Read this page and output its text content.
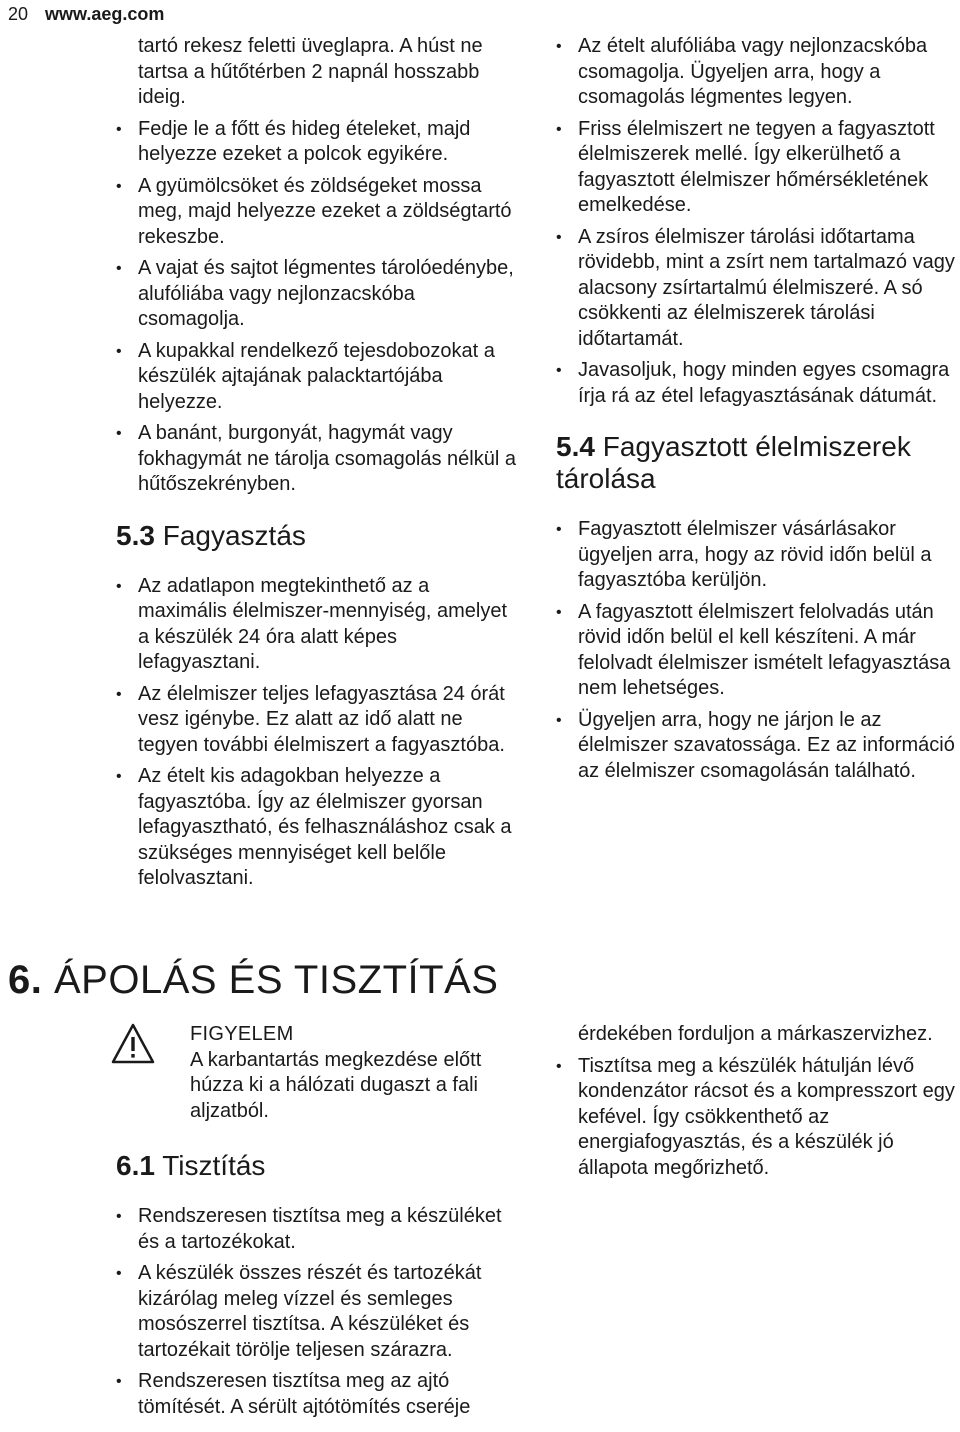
20 www.aeg.com

tartó rekesz feletti üveglapra. A húst ne tartsa a hűtőtérben 2 napnál hosszabb ideig.

• Fedje le a főtt és hideg ételeket, majd helyezze ezeket a polcok egyikére.
• A gyümölcsöket és zöldségeket mossa meg, majd helyezze ezeket a zöldségtartó rekeszbe.
• A vajat és sajtot légmentes tárolóedénybe, alufóliába vagy nejlonzacskóba csomagolja.
• A kupakkal rendelkező tejesdobozokat a készülék ajtajának palacktartójába helyezze.
• A banánt, burgonyát, hagymát vagy fokhagymát ne tárolja csomagolás nélkül a hűtőszekrényben.
5.3 Fagyasztás
• Az adatlapon megtekinthető az a maximális élelmiszer-mennyiség, amelyet a készülék 24 óra alatt képes lefagyasztani.
• Az élelmiszer teljes lefagyasztása 24 órát vesz igénybe. Ez alatt az idő alatt ne tegyen további élelmiszert a fagyasztóba.
• Az ételt kis adagokban helyezze a fagyasztóba. Így az élelmiszer gyorsan lefagyasztható, és felhasználáshoz csak a szükséges mennyiséget kell belőle felolvasztani.
• Az ételt alufóliába vagy nejlonzacskóba csomagolja. Ügyeljen arra, hogy a csomagolás légmentes legyen.
• Friss élelmiszert ne tegyen a fagyasztott élelmiszerek mellé. Így elkerülhető a fagyasztott élelmiszer hőmérsékletének emelkedése.
• A zsíros élelmiszer tárolási időtartama rövidebb, mint a zsírt nem tartalmazó vagy alacsony zsírtartalmú élelmiszeré. A só csökkenti az élelmiszerek tárolási időtartamát.
• Javasoljuk, hogy minden egyes csomagra írja rá az étel lefagyasztásának dátumát.
5.4 Fagyasztott élelmiszerek tárolása
• Fagyasztott élelmiszer vásárlásakor ügyeljen arra, hogy az rövid időn belül a fagyasztóba kerüljön.
• A fagyasztott élelmiszert felolvadás után rövid időn belül el kell készíteni. A már felolvadt élelmiszer ismételt lefagyasztása nem lehetséges.
• Ügyeljen arra, hogy ne járjon le az élelmiszer szavatossága. Ez az információ az élelmiszer csomagolásán található.
6. ÁPOLÁS ÉS TISZTÍTÁS
FIGYELEM
A karbantartás megkezdése előtt húzza ki a hálózati dugaszt a fali aljzatból.
6.1 Tisztítás
• Rendszeresen tisztítsa meg a készüléket és a tartozékokat.
• A készülék összes részét és tartozékát kizárólag meleg vízzel és semleges mosószerrel tisztítsa. A készüléket és tartozékait törölje teljesen szárazra.
• Rendszeresen tisztítsa meg az ajtó tömítését. A sérült ajtótömítés cseréje

érdekében forduljon a márkaszervizhez.

• Tisztítsa meg a készülék hátulján lévő kondenzátor rácsot és a kompresszort egy kefével. Így csökkenthető az energiafogyasztás, és a készülék jó állapota megőrizhető.
